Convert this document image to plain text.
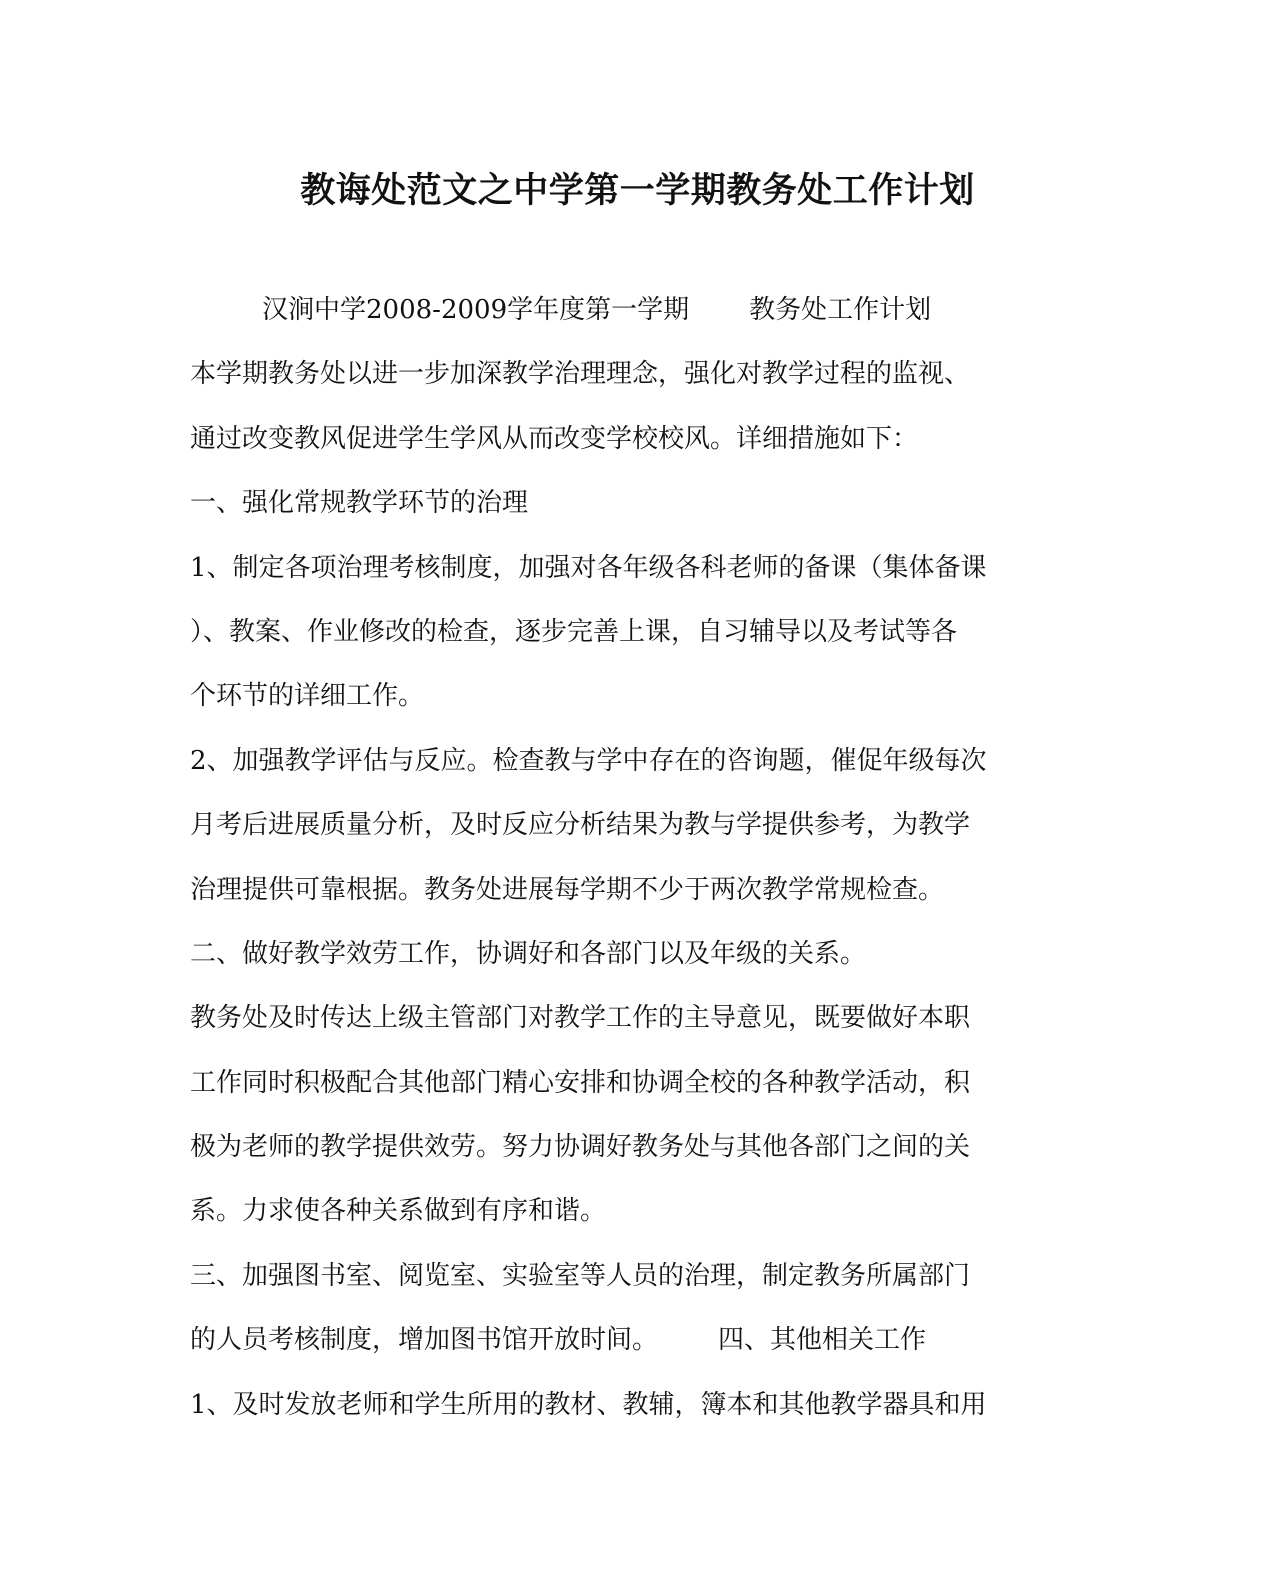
教诲处范文之中学第一学期教务处工作计划
汉涧中学2008-2009学年度第一学期 教务处工作计划
本学期教务处以进一步加深教学治理理念，强化对教学过程的监视、
通过改变教风促进学生学风从而改变学校校风。详细措施如下：
一、强化常规教学环节的治理
1、制定各项治理考核制度，加强对各年级各科老师的备课（集体备课
）、教案、作业修改的检查，逐步完善上课，自习辅导以及考试等各
个环节的详细工作。
2、加强教学评估与反应。检查教与学中存在的咨询题，催促年级每次
月考后进展质量分析，及时反应分析结果为教与学提供参考，为教学
治理提供可靠根据。教务处进展每学期不少于两次教学常规检查。
二、做好教学效劳工作，协调好和各部门以及年级的关系。
教务处及时传达上级主管部门对教学工作的主导意见，既要做好本职
工作同时积极配合其他部门精心安排和协调全校的各种教学活动，积
极为老师的教学提供效劳。努力协调好教务处与其他各部门之间的关
系。力求使各种关系做到有序和谐。
三、加强图书室、阅览室、实验室等人员的治理，制定教务所属部门
的人员考核制度，增加图书馆开放时间。 四、其他相关工作
1、及时发放老师和学生所用的教材、教辅，簿本和其他教学器具和用
